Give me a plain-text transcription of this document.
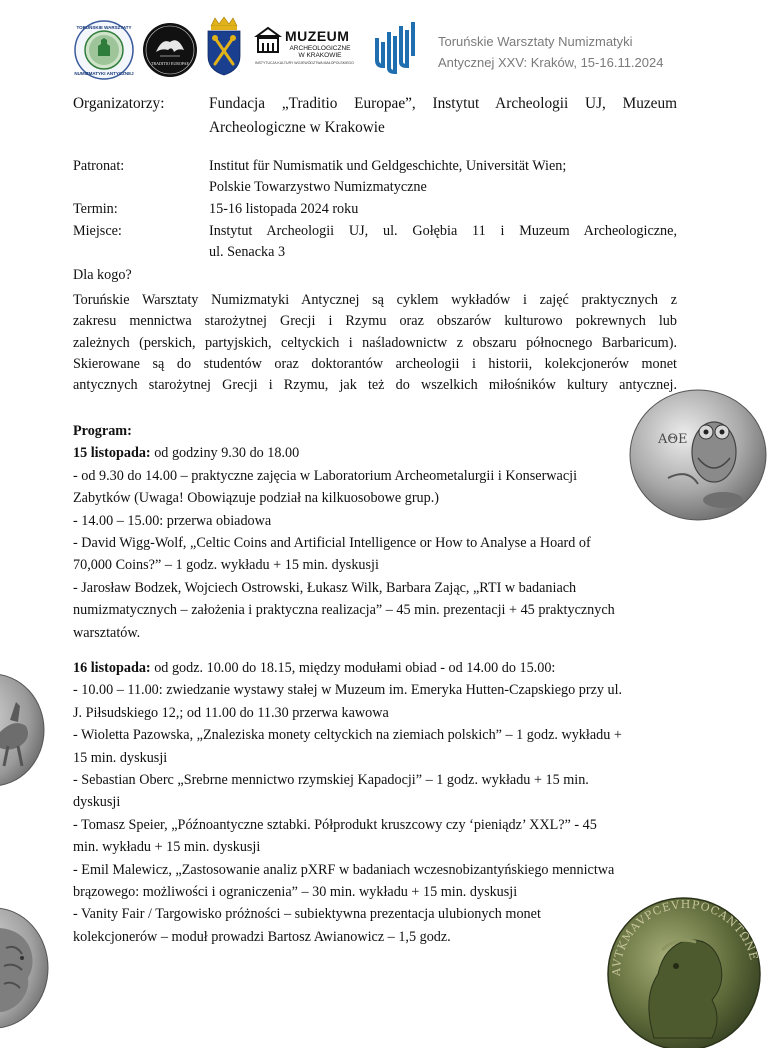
TORUŃSKIE WARSZTATY
NUMIZMATYKI ANTYCZNEJ
TRADITIO EUROPAE
MUZEUM
ARCHEOLOGICZNE
W KRAKOWIE
INSTYTUCJA KULTURY WOJEWÓDZTWA MAŁOPOLSKIEGO
Toruńskie Warsztaty Numizmatyki
Antycznej XXV: Kraków, 15-16.11.2024
Organizatorzy:	Fundacja „Traditio Europae”, Instytut Archeologii UJ, Muzeum
Archeologiczne w Krakowie
Patronat:	Institut für Numismatik und Geldgeschichte, Universität Wien;
Polskie Towarzystwo Numizmatyczne
Termin:	15-16 listopada 2024 roku
Miejsce:	Instytut Archeologii UJ, ul. Gołębia 11 i Muzeum Archeologiczne,
ul. Senacka 3
Dla kogo?
Toruńskie Warsztaty Numizmatyki Antycznej są cyklem wykładów i zajęć praktycznych z
zakresu mennictwa starożytnej Grecji i Rzymu oraz obszarów kulturowo pokrewnych lub
zależnych (perskich, partyjskich, celtyckich i naśladownictw z obszaru północnego Barbaricum).
Skierowane są do studentów oraz doktorantów archeologii i historii, kolekcjonerów monet
antycznych starożytnej Grecji i Rzymu, jak też do wszelkich miłośników kultury antycznej.

Program:

15 listopada: od godziny 9.30 do 18.00

- od 9.30 do 14.00 – praktyczne zajęcia w Laboratorium Archeometalurgii i Konserwacji

Zabytków (Uwaga! Obowiązuje podział na kilkuosobowe grup.)

- 14.00 – 15.00: przerwa obiadowa

- David Wigg-Wolf, „Celtic Coins and Artificial Intelligence or How to Analyse a Hoard of

70,000 Coins?” – 1 godz. wykładu + 15 min. dyskusji

- Jarosław Bodzek, Wojciech Ostrowski, Łukasz Wilk, Barbara Zając, „RTI w badaniach

numizmatycznych – założenia i praktyczna realizacja” – 45 min. prezentacji + 45 praktycznych

warsztatów.

16 listopada: od godz. 10.00 do 18.15, między modułami obiad - od 14.00 do 15.00:

- 10.00 – 11.00: zwiedzanie wystawy stałej w Muzeum im. Emeryka Hutten-Czapskiego przy ul.

J. Piłsudskiego 12,; od 11.00 do 11.30 przerwa kawowa

- Wioletta Pazowska, „Znaleziska monety celtyckich na ziemiach polskich” – 1 godz. wykładu +

15 min. dyskusji

- Sebastian Oberc „Srebrne mennictwo rzymskiej Kapadocji” – 1 godz. wykładu + 15 min.

dyskusji

- Tomasz Speier, „Późnoantyczne sztabki. Półprodukt kruszcowy czy ‘pieniądz’ XXL?” - 45

min. wykładu + 15 min. dyskusji

- Emil Malewicz, „Zastosowanie analiz pXRF w badaniach wczesnobizantyńskiego mennictwa

brązowego: możliwości i ograniczenia” – 30 min. wykładu + 15 min. dyskusji

- Vanity Fair / Targowisko próżności – subiektywna prezentacja ulubionych monet

kolekcjonerów – moduł prowadzi Bartosz Awianowicz – 1,5 godz.

ΑΘΕ
AVTKMAVPCEVHPOCANTΩNE
